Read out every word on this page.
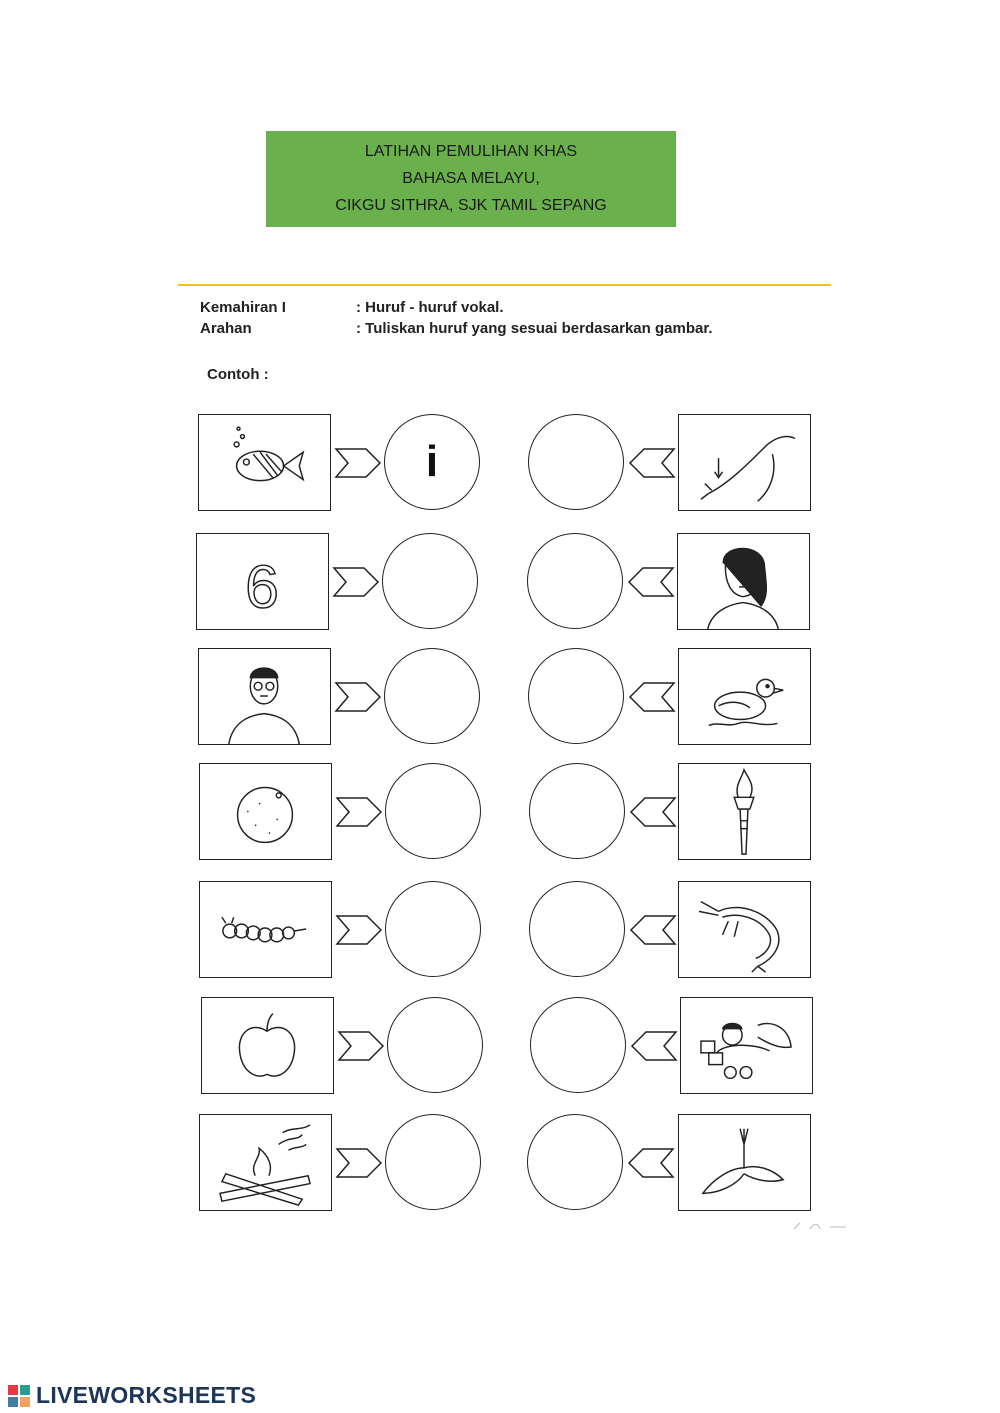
LATIHAN PEMULIHAN KHAS
BAHASA MELAYU,
CIKGU SITHRA, SJK TAMIL SEPANG
Kemahiran I	: Huruf - huruf vokal.
Arahan	: Tuliskan huruf yang sesuai berdasarkan gambar.
Contoh :
i
6
LIVEWORKSHEETS
